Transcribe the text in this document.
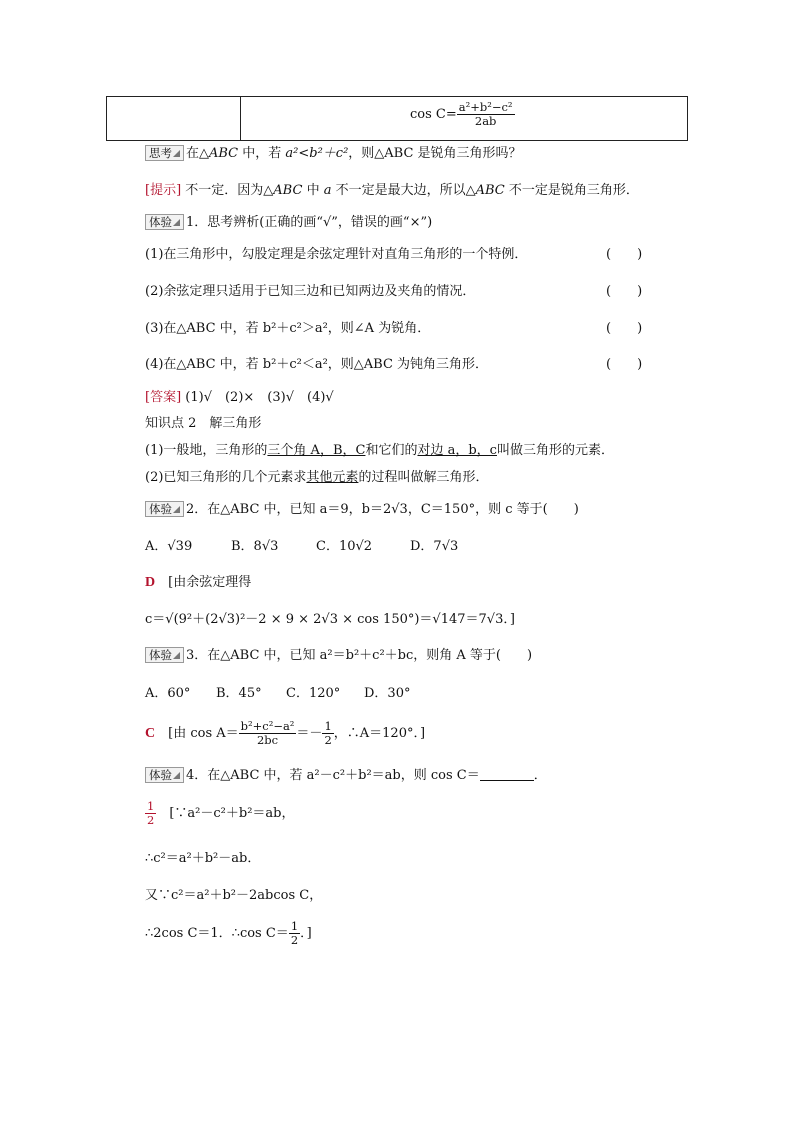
$\cos C= \frac{\text{a²+b²−c²}}{2ab}$
思考 在△ABC 中，若 a²<b²＋c²，则△ABC 是锐角三角形吗？
[提示] 不一定．因为△ABC 中 a 不一定是最大边，所以△ABC 不一定是锐角三角形．
体验 1．思考辨析(正确的画“√”，错误的画“×”)
(1)在三角形中，勾股定理是余弦定理针对直角三角形的一个特例．	(　　)
(2)余弦定理只适用于已知三边和已知两边及夹角的情况．	(　　)
(3)在△ABC 中，若 b²＋c²＞a²，则∠A 为锐角．	(　　)
(4)在△ABC 中，若 b²＋c²＜a²，则△ABC 为钝角三角形．	(　　)
[答案] (1)√　(2)×　(3)√　(4)√
知识点 2　解三角形
(1)一般地，三角形的三个角 A，B，C和它们的对边 a，b，c叫做三角形的元素．
(2)已知三角形的几个元素求其他元素的过程叫做解三角形．
体验 2．在△ABC 中，已知 a＝9，b＝2√3，C＝150°，则 c 等于(　　)
A．√39	B．8√3	C．10√2	D．7√3
D　 [由余弦定理得
c＝√(9²＋(2√3)²－2 × 9 × 2√3 × cos 150°)＝√147＝7√3．]
体验 3．在△ABC 中，已知 a²＝b²＋c²＋bc，则角 A 等于(　　)
A．60° B．45° C．120° D．30°
C　 [由 $\cos A= \frac{\text{b²+c²−a²}}{2bc} =- \frac{1}{2}$ ，∴A＝120°．]
体验 4．在△ABC 中，若 a²－c²＋b²＝ab，则 cos C＝	．
$\frac{1}{2}$
　 [∵a²－c²＋b²＝ab，
∴c²＝a²＋b²－ab．
又∵c²＝a²＋b²－2abcos C，
∴2cos C＝1．∴cos $C= \frac{1}{2}$ ．]
